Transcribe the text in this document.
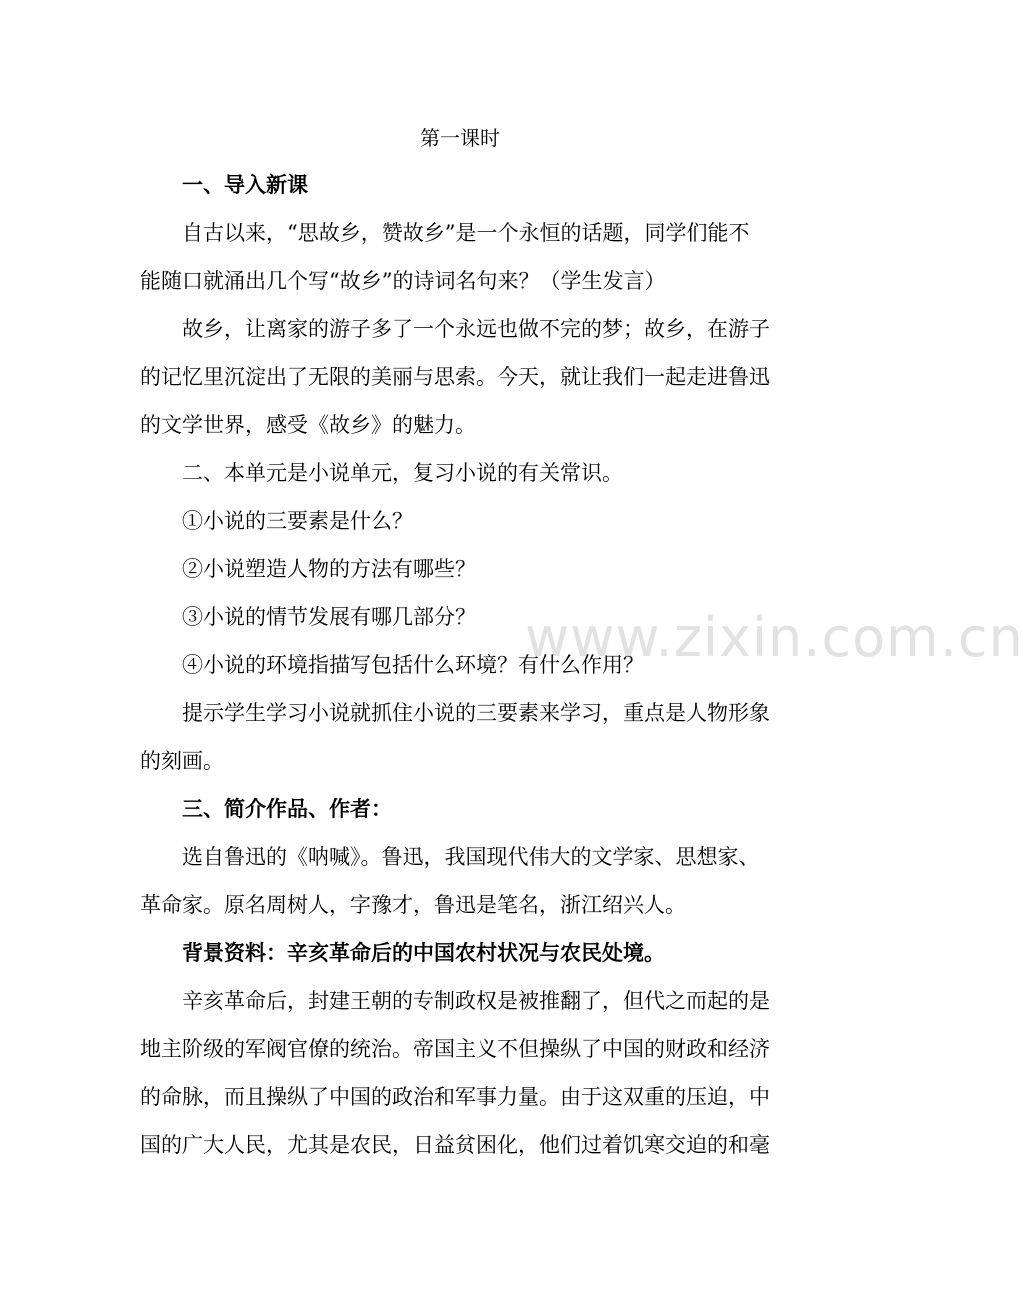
www.zixin.com.cn
第一课时
一、导入新课
自古以来，“思故乡，赞故乡”是一个永恒的话题，同学们能不
能随口就涌出几个写“故乡”的诗词名句来？（学生发言）
故乡，让离家的游子多了一个永远也做不完的梦；故乡，在游子
的记忆里沉淀出了无限的美丽与思索。今天，就让我们一起走进鲁迅
的文学世界，感受《故乡》的魅力。
二、本单元是小说单元，复习小说的有关常识。
①小说的三要素是什么？
②小说塑造人物的方法有哪些？
③小说的情节发展有哪几部分？
④小说的环境指描写包括什么环境？有什么作用？
提示学生学习小说就抓住小说的三要素来学习，重点是人物形象
的刻画。
三、简介作品、作者：
选自鲁迅的《呐喊》。鲁迅，我国现代伟大的文学家、思想家、
革命家。原名周树人，字豫才，鲁迅是笔名，浙江绍兴人。
背景资料：辛亥革命后的中国农村状况与农民处境。
辛亥革命后，封建王朝的专制政权是被推翻了，但代之而起的是
地主阶级的军阀官僚的统治。帝国主义不但操纵了中国的财政和经济
的命脉，而且操纵了中国的政治和军事力量。由于这双重的压迫，中
国的广大人民，尤其是农民，日益贫困化，他们过着饥寒交迫的和毫
